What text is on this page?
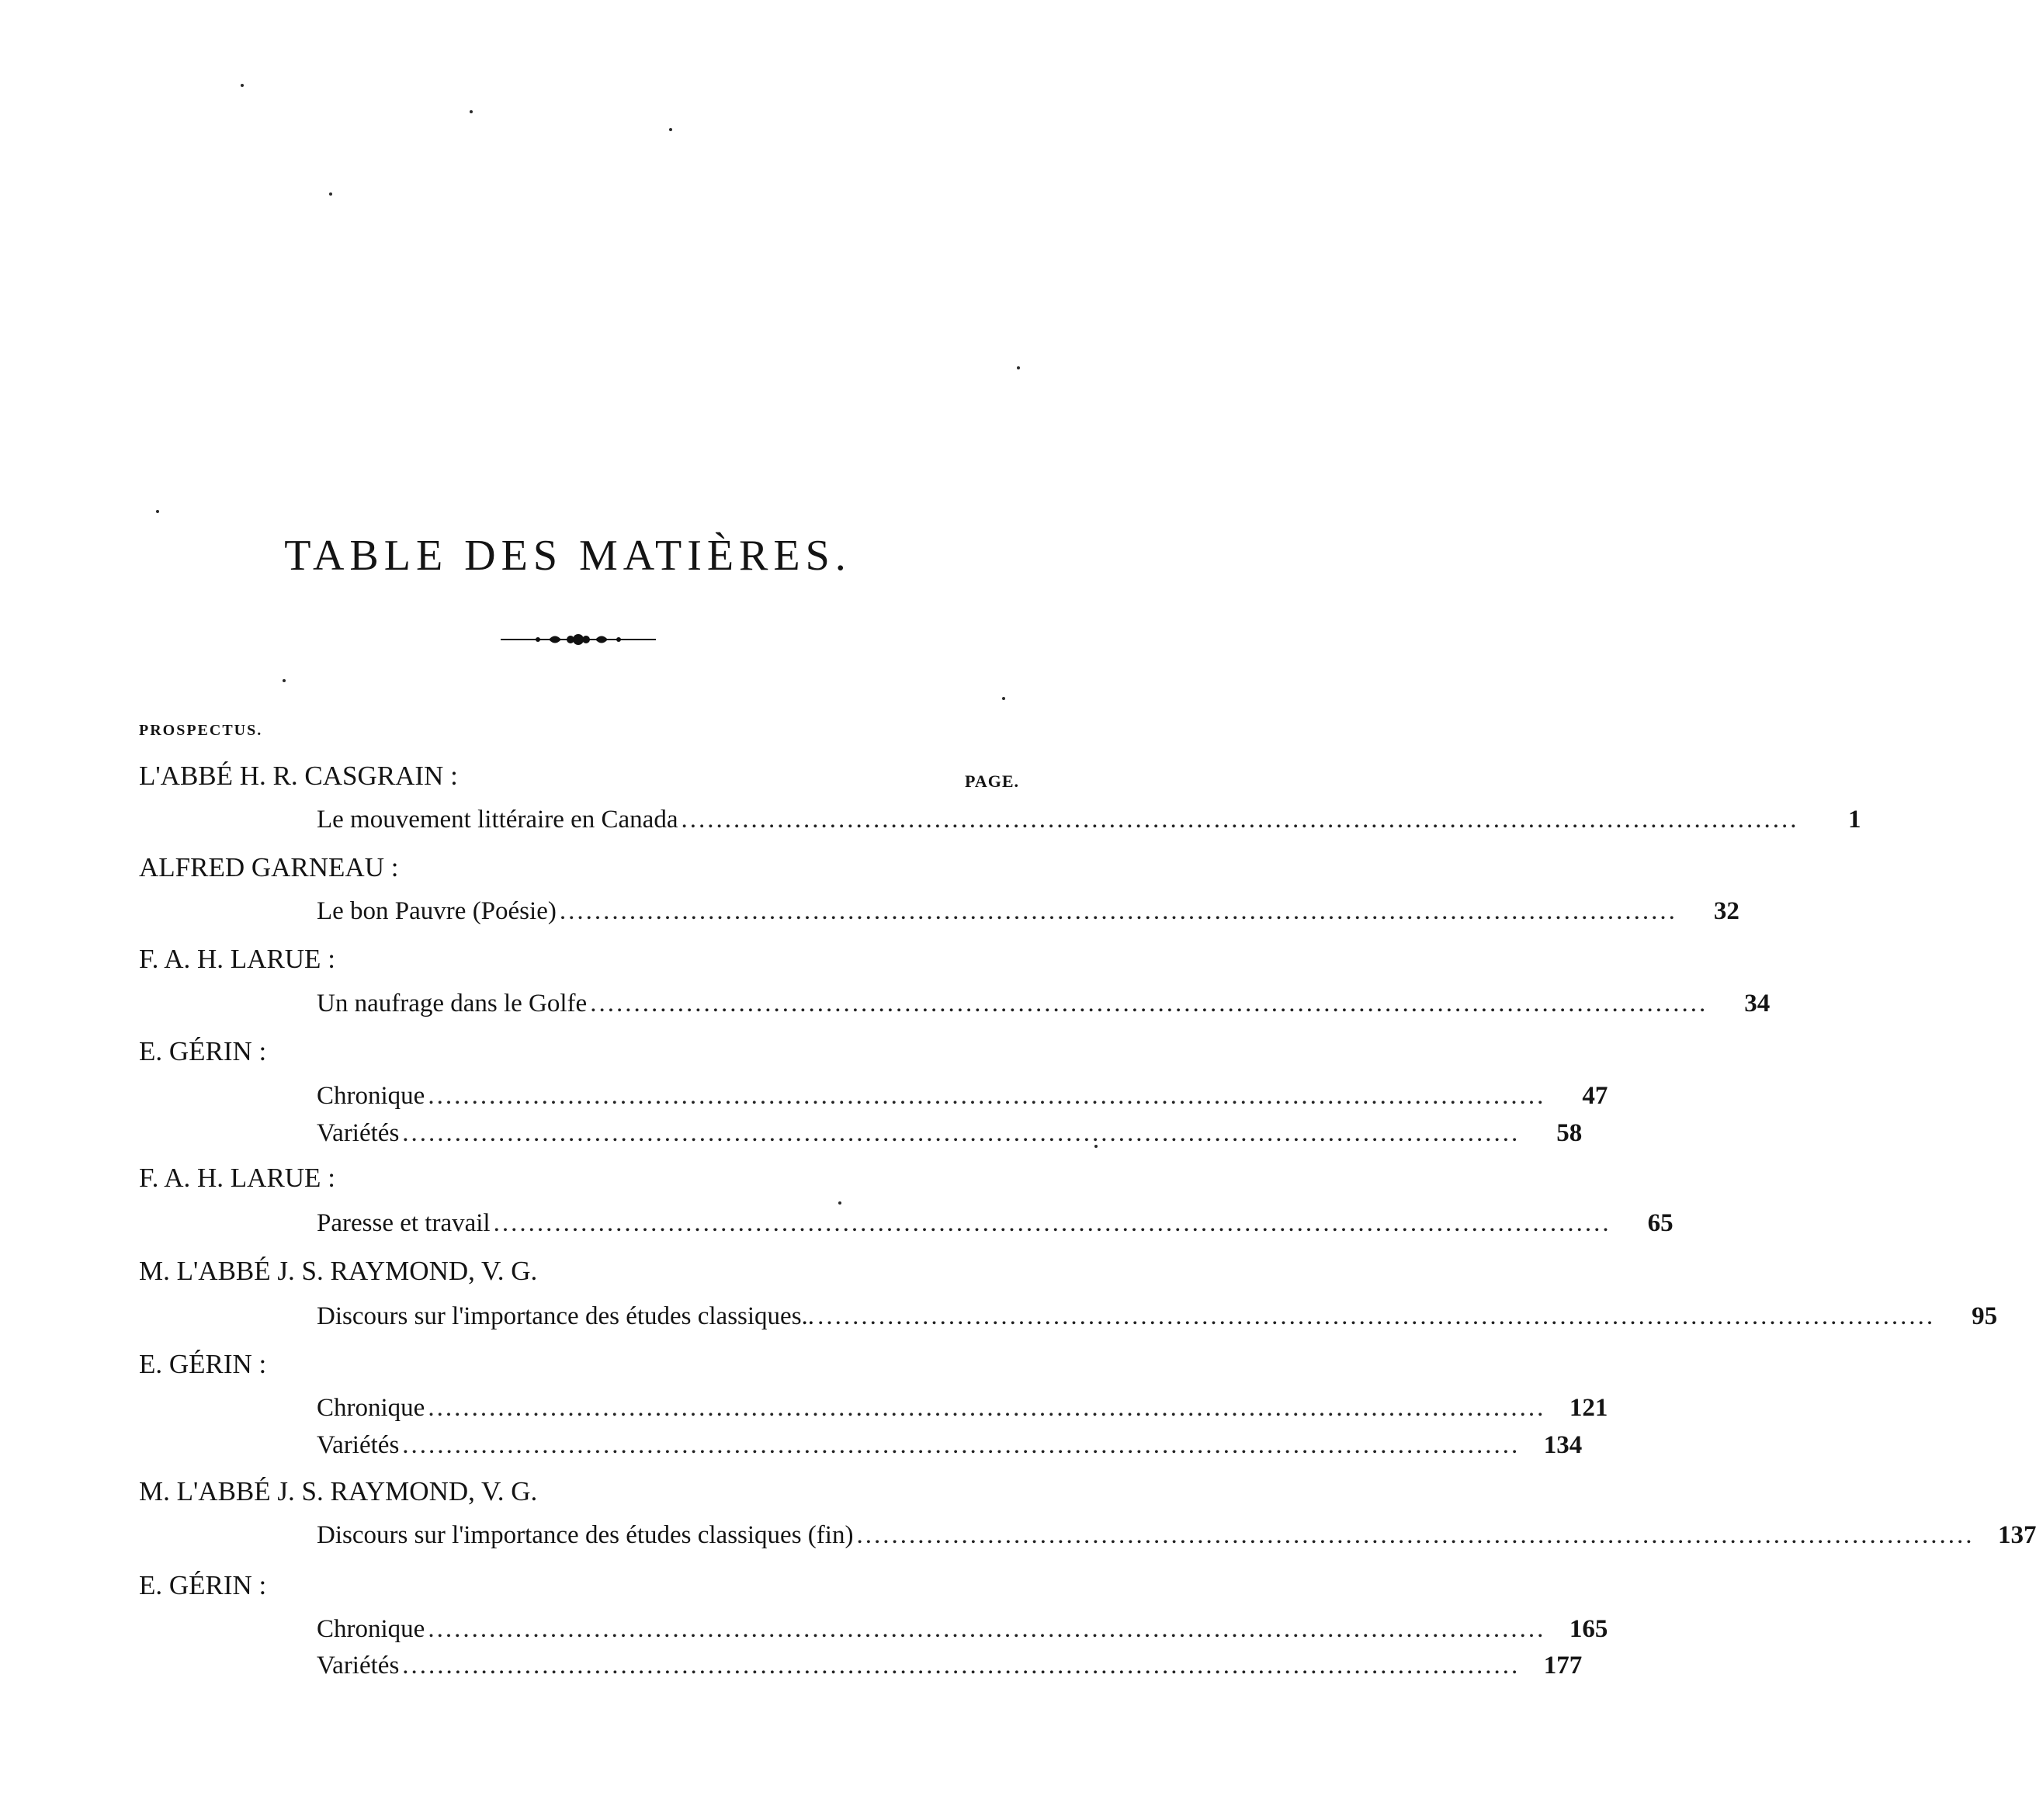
TABLE DES MATIÈRES.
PROSPECTUS.
PAGE.
L'ABBÉ H. R. CASGRAIN :
Le mouvement littéraire en Canada ................................................................................................................................	1
ALFRED GARNEAU :
Le bon Pauvre (Poésie) ................................................................................................................................	32
F. A. H. LARUE :
Un naufrage dans le Golfe ................................................................................................................................	34
E. GÉRIN :
Chronique ................................................................................................................................	47
Variétés ................................................................................................................................	58
F. A. H. LARUE :
Paresse et travail ................................................................................................................................	65
M. L'ABBÉ J. S. RAYMOND, V. G.
Discours sur l'importance des études classiques.. ................................................................................................................................	95
E. GÉRIN :
Chronique ................................................................................................................................ 121
Variétés ................................................................................................................................ 134
M. L'ABBÉ J. S. RAYMOND, V. G.
Discours sur l'importance des études classiques (fin) ................................................................................................................................ 137
E. GÉRIN :
Chronique ................................................................................................................................ 165
Variétés ................................................................................................................................ 177
